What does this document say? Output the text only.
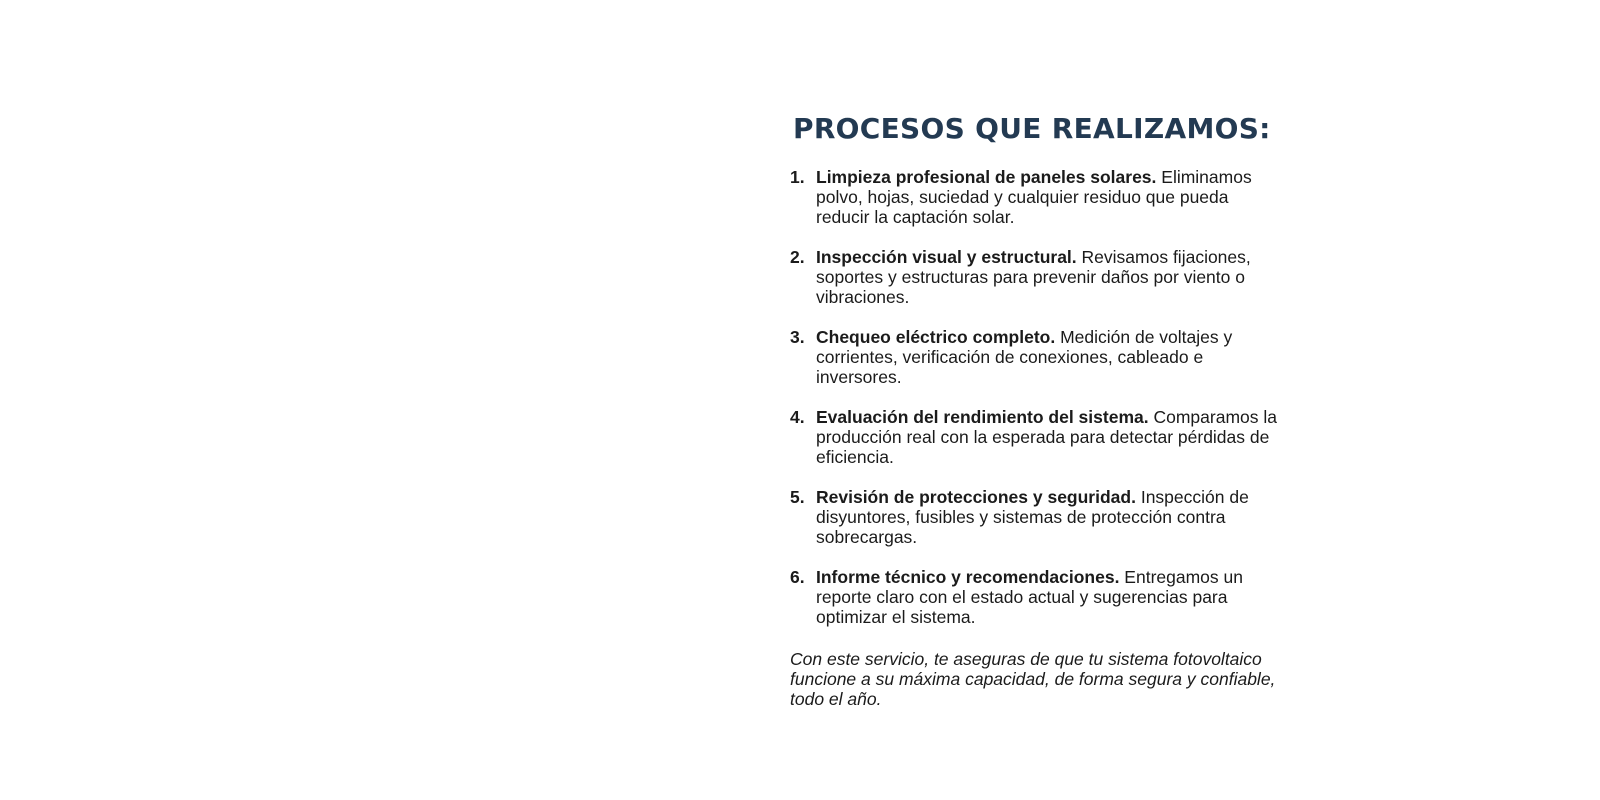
PROCESOS QUE REALIZAMOS:
1. Limpieza profesional de paneles solares. Eliminamos polvo, hojas, suciedad y cualquier residuo que pueda reducir la captación solar.
2. Inspección visual y estructural. Revisamos fijaciones, soportes y estructuras para prevenir daños por viento o vibraciones.
3. Chequeo eléctrico completo. Medición de voltajes y corrientes, verificación de conexiones, cableado e inversores.
4. Evaluación del rendimiento del sistema. Comparamos la producción real con la esperada para detectar pérdidas de eficiencia.
5. Revisión de protecciones y seguridad. Inspección de disyuntores, fusibles y sistemas de protección contra sobrecargas.
6. Informe técnico y recomendaciones. Entregamos un reporte claro con el estado actual y sugerencias para optimizar el sistema.

Con este servicio, te aseguras de que tu sistema fotovoltaico funcione a su máxima capacidad, de forma segura y confiable, todo el año.
